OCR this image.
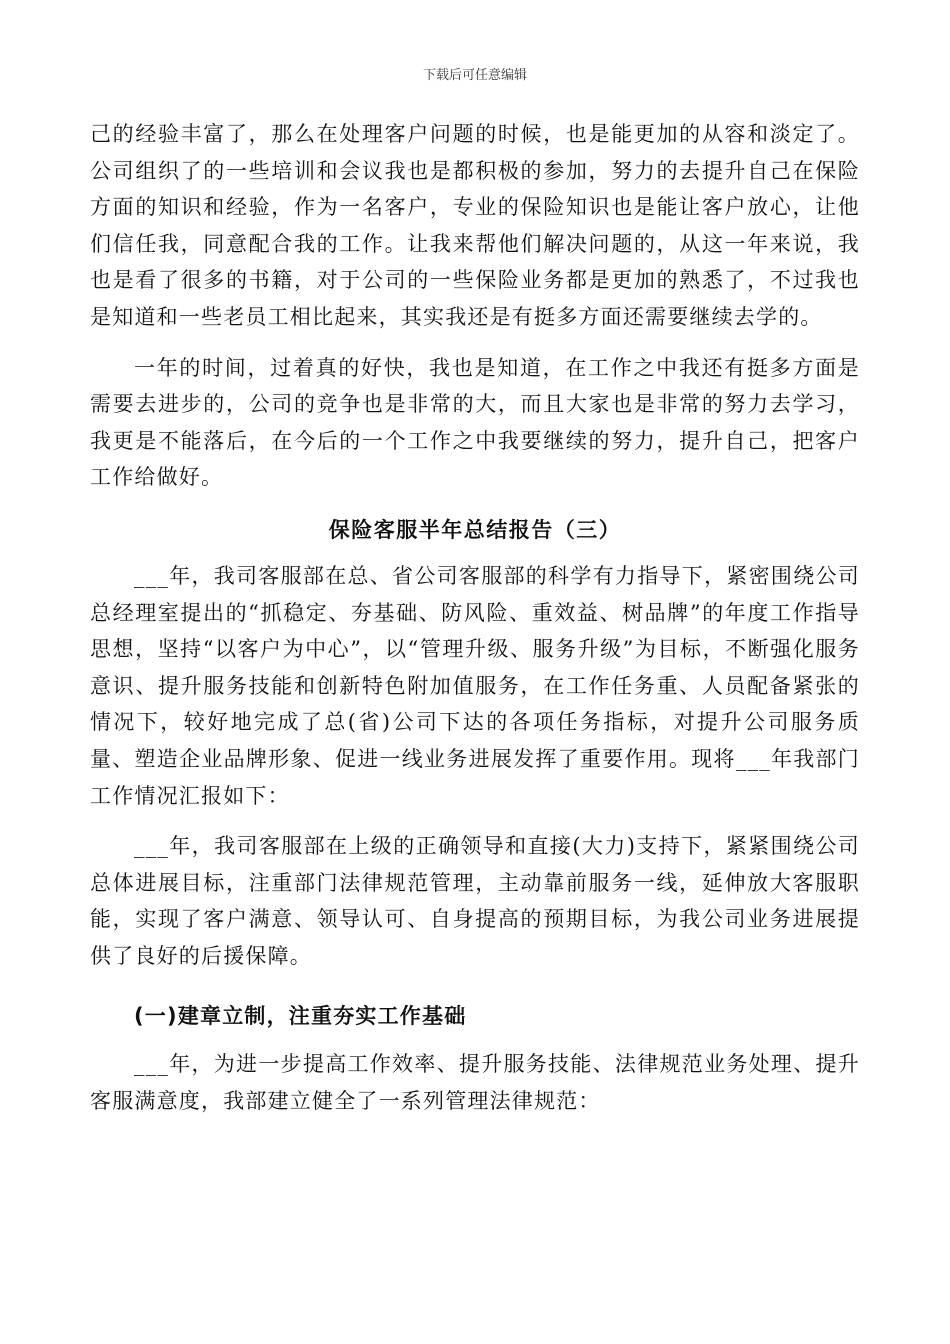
下载后可任意编辑

己的经验丰富了，那么在处理客户问题的时候，也是能更加的从容和淡定了。公司组织了的一些培训和会议我也是都积极的参加，努力的去提升自己在保险方面的知识和经验，作为一名客户，专业的保险知识也是能让客户放心，让他们信任我，同意配合我的工作。让我来帮他们解决问题的，从这一年来说，我也是看了很多的书籍，对于公司的一些保险业务都是更加的熟悉了，不过我也是知道和一些老员工相比起来，其实我还是有挺多方面还需要继续去学的。

一年的时间，过着真的好快，我也是知道，在工作之中我还有挺多方面是需要去进步的，公司的竞争也是非常的大，而且大家也是非常的努力去学习，我更是不能落后，在今后的一个工作之中我要继续的努力，提升自己，把客户工作给做好。

保险客服半年总结报告（三）

___年，我司客服部在总、省公司客服部的科学有力指导下，紧密围绕公司总经理室提出的“抓稳定、夯基础、防风险、重效益、树品牌”的年度工作指导思想，坚持“以客户为中心”，以“管理升级、服务升级”为目标，不断强化服务意识、提升服务技能和创新特色附加值服务，在工作任务重、人员配备紧张的情况下，较好地完成了总(省)公司下达的各项任务指标，对提升公司服务质量、塑造企业品牌形象、促进一线业务进展发挥了重要作用。现将___年我部门工作情况汇报如下：

___年，我司客服部在上级的正确领导和直接(大力)支持下，紧紧围绕公司总体进展目标，注重部门法律规范管理，主动靠前服务一线，延伸放大客服职能，实现了客户满意、领导认可、自身提高的预期目标，为我公司业务进展提供了良好的后援保障。

(一)建章立制，注重夯实工作基础

___年，为进一步提高工作效率、提升服务技能、法律规范业务处理、提升客服满意度，我部建立健全了一系列管理法律规范：
